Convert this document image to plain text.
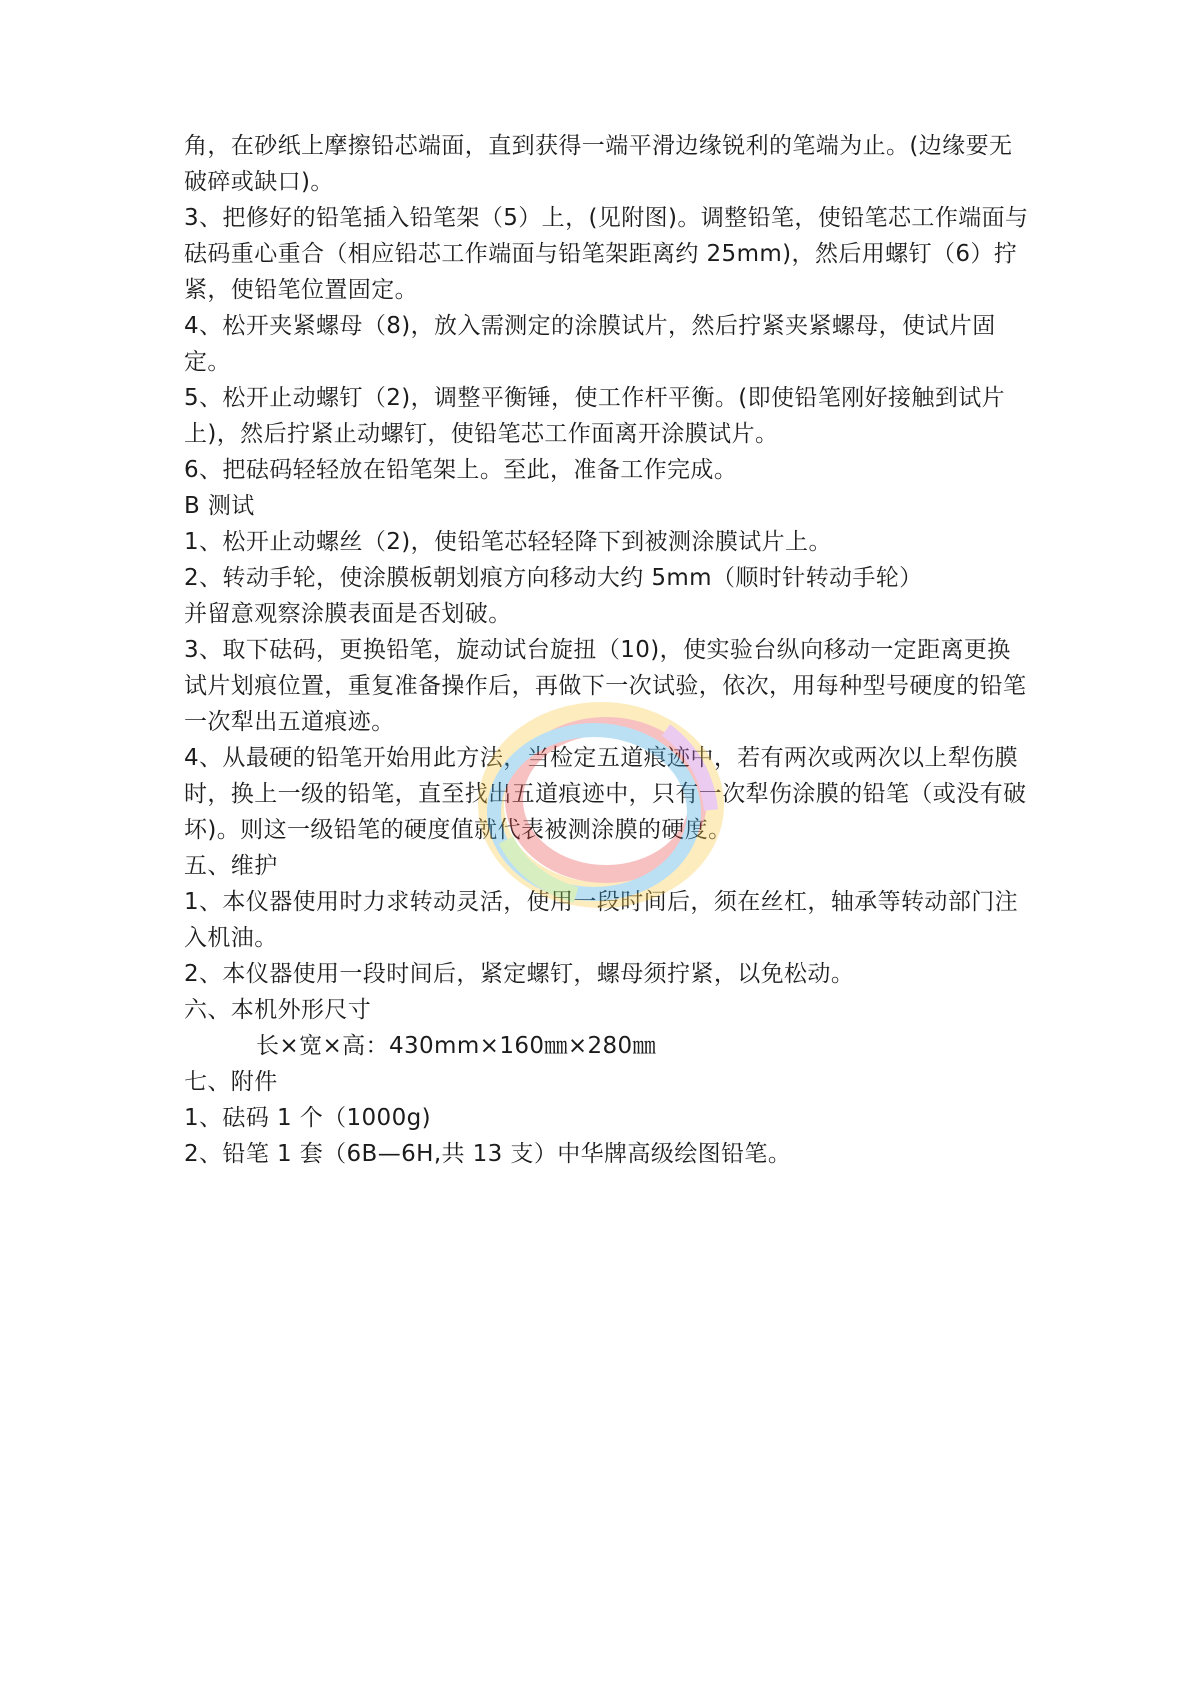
角，在砂纸上摩擦铅芯端面，直到获得一端平滑边缘锐利的笔端为止。(边缘要无破碎或缺口)。

3、把修好的铅笔插入铅笔架（5）上，(见附图)。调整铅笔，使铅笔芯工作端面与砝码重心重合（相应铅芯工作端面与铅笔架距离约 25mm)，然后用螺钉（6）拧紧，使铅笔位置固定。

4、松开夹紧螺母（8)，放入需测定的涂膜试片，然后拧紧夹紧螺母，使试片固定。

5、松开止动螺钉（2)，调整平衡锤，使工作杆平衡。(即使铅笔刚好接触到试片上)，然后拧紧止动螺钉，使铅笔芯工作面离开涂膜试片。

6、把砝码轻轻放在铅笔架上。至此，准备工作完成。

B 测试

1、松开止动螺丝（2)，使铅笔芯轻轻降下到被测涂膜试片上。

2、转动手轮，使涂膜板朝划痕方向移动大约 5mm（顺时针转动手轮）

并留意观察涂膜表面是否划破。

3、取下砝码，更换铅笔，旋动试台旋扭（10)，使实验台纵向移动一定距离更换试片划痕位置，重复准备操作后，再做下一次试验，依次，用每种型号硬度的铅笔一次犁出五道痕迹。

4、从最硬的铅笔开始用此方法，当检定五道痕迹中，若有两次或两次以上犁伤膜时，换上一级的铅笔，直至找出五道痕迹中，只有一次犁伤涂膜的铅笔（或没有破坏)。则这一级铅笔的硬度值就代表被测涂膜的硬度。

五、维护

1、本仪器使用时力求转动灵活，使用一段时间后，须在丝杠，轴承等转动部门注入机油。

2、本仪器使用一段时间后，紧定螺钉，螺母须拧紧，以免松动。

六、本机外形尺寸

长×宽×高：430mm×160㎜×280㎜

七、附件

1、砝码 1 个（1000g)

2、铅笔 1 套（6B—6H,共 13 支）中华牌高级绘图铅笔。
